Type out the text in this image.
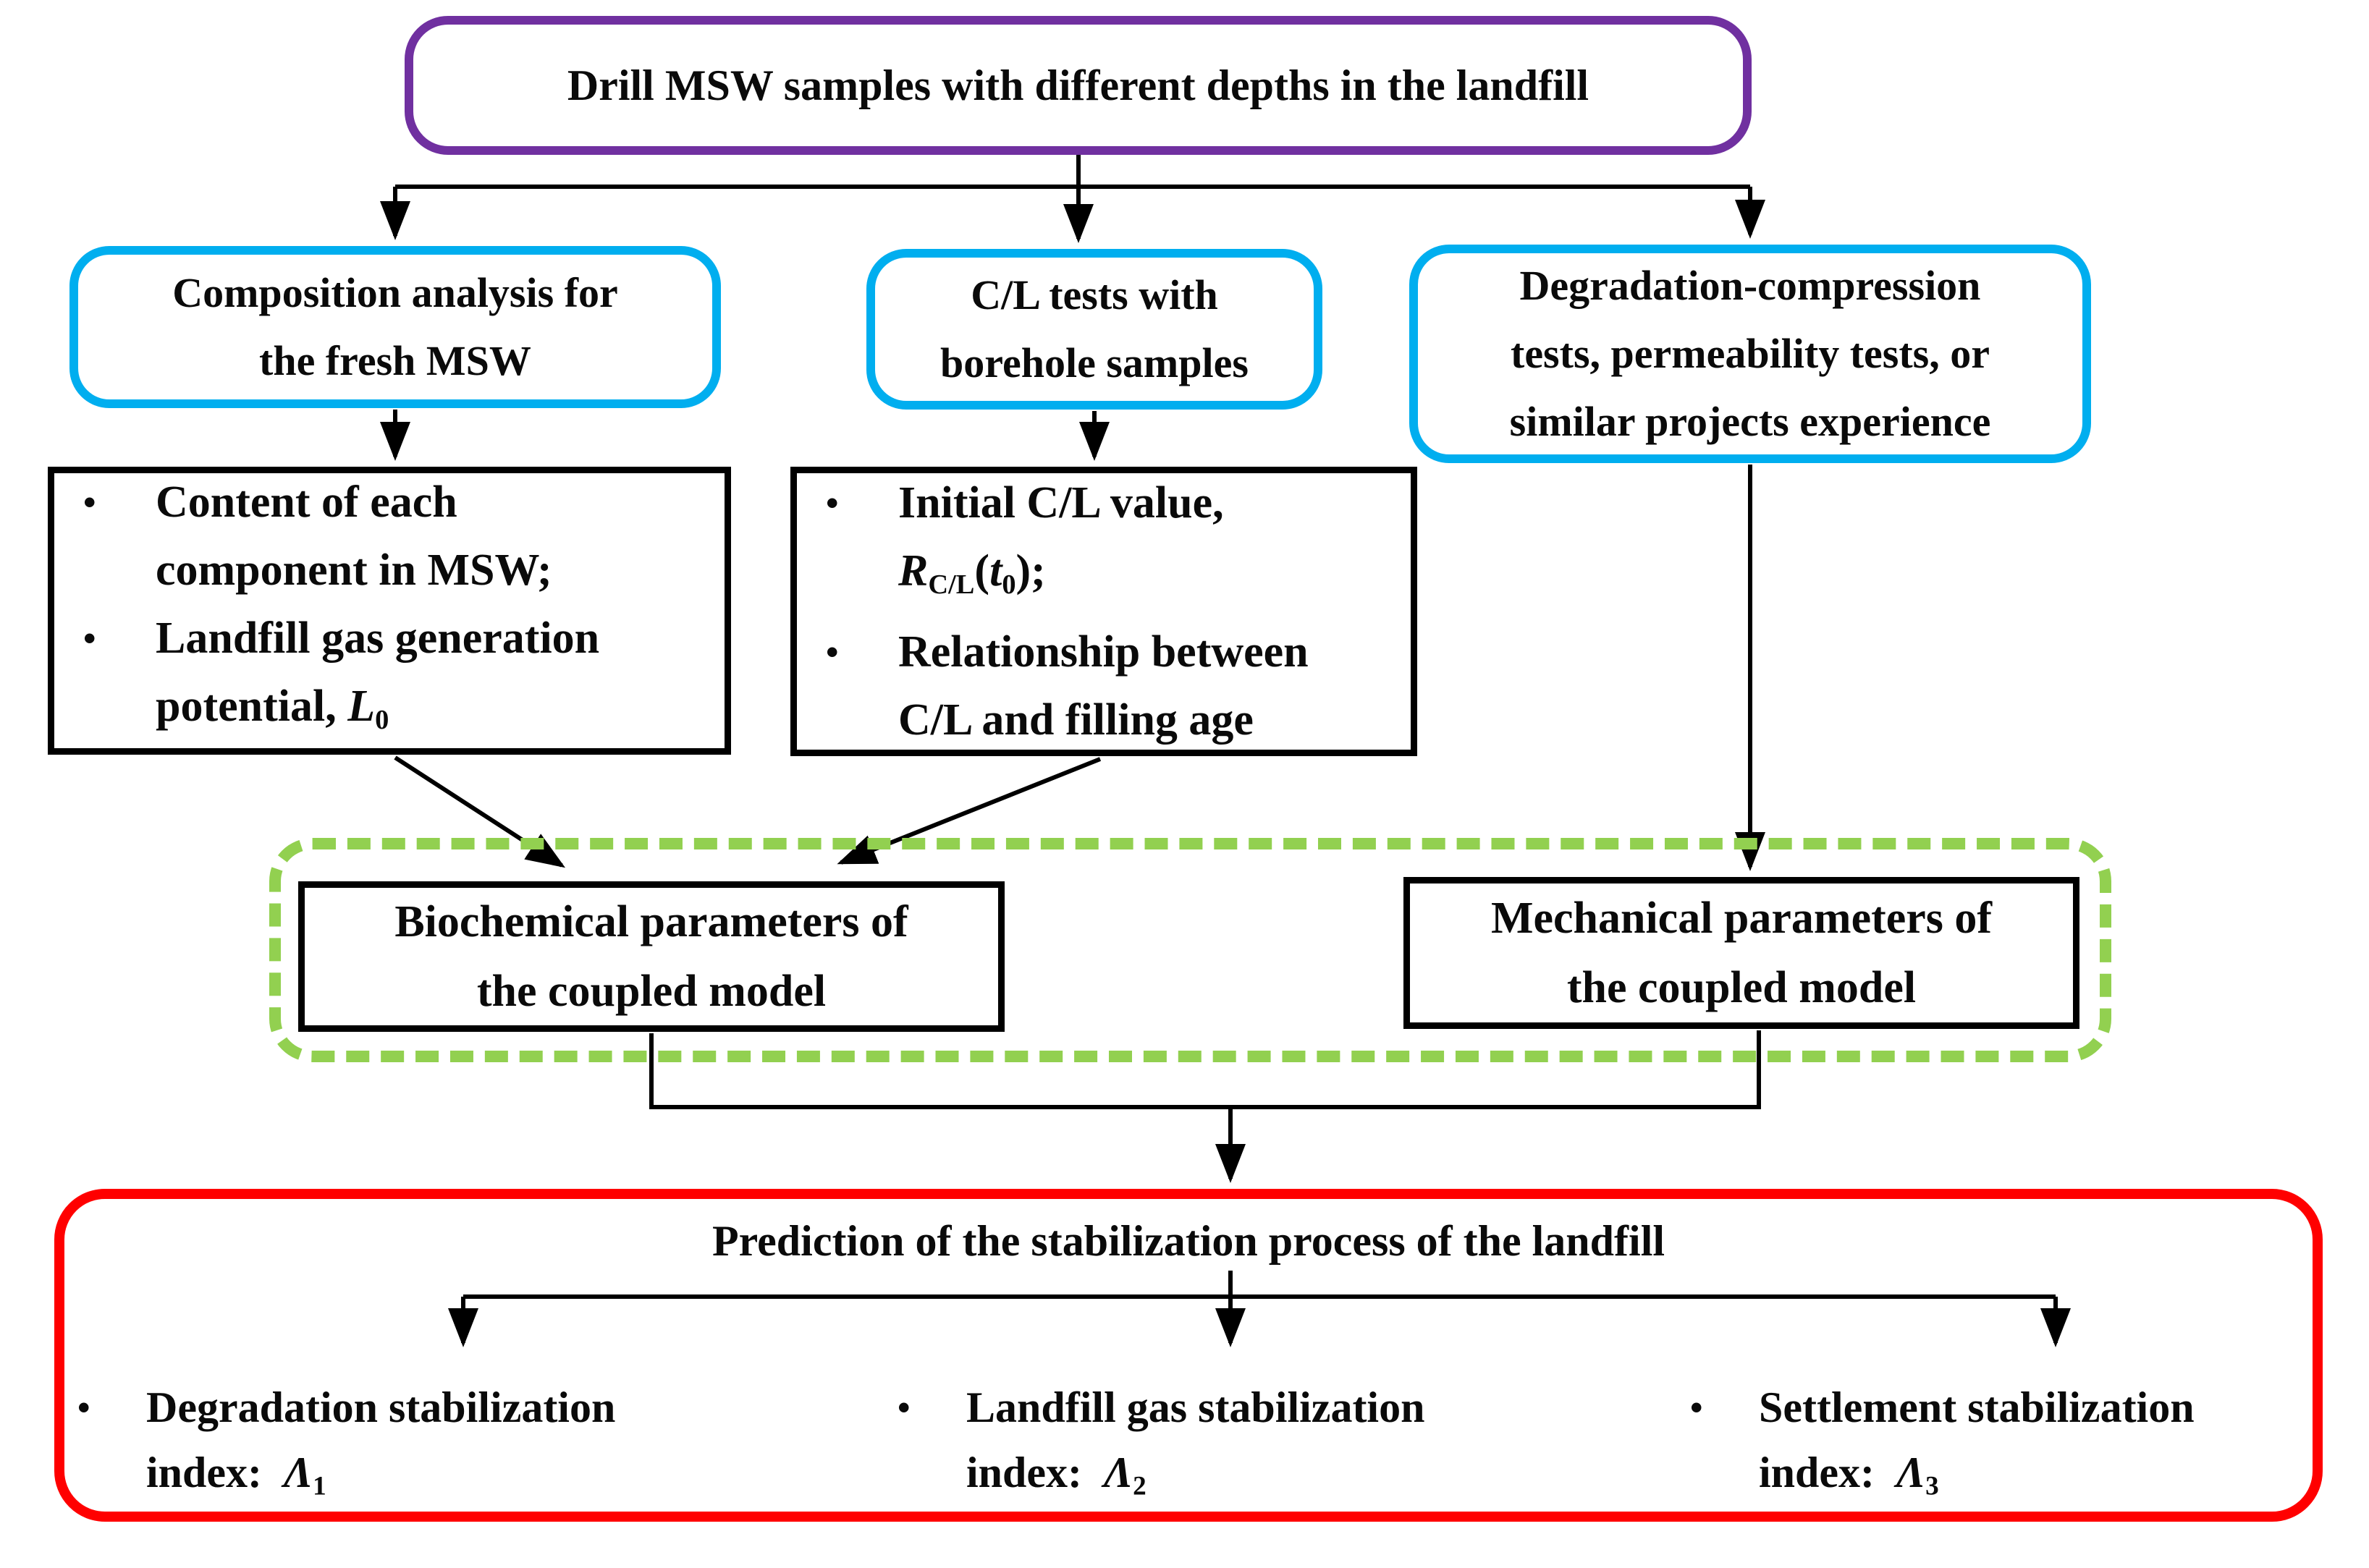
Drill MSW samples with different depths in the landfill
Composition analysis for
the fresh MSW
C/L tests with
borehole samples
Degradation-compression
tests, permeability tests, or
similar projects experience
•	Content of each
component in MSW;
•	Landfill gas generation
potential, L0
•	Initial C/L value,
RC/L(t0);
•	Relationship between
C/L and filling age
Biochemical parameters of
the coupled model
Mechanical parameters of
the coupled model
Prediction of the stabilization process of the landfill
•	Degradation stabilization
index:  Λ1
•	Landfill gas stabilization
index:  Λ2
•	Settlement stabilization
index:  Λ3
